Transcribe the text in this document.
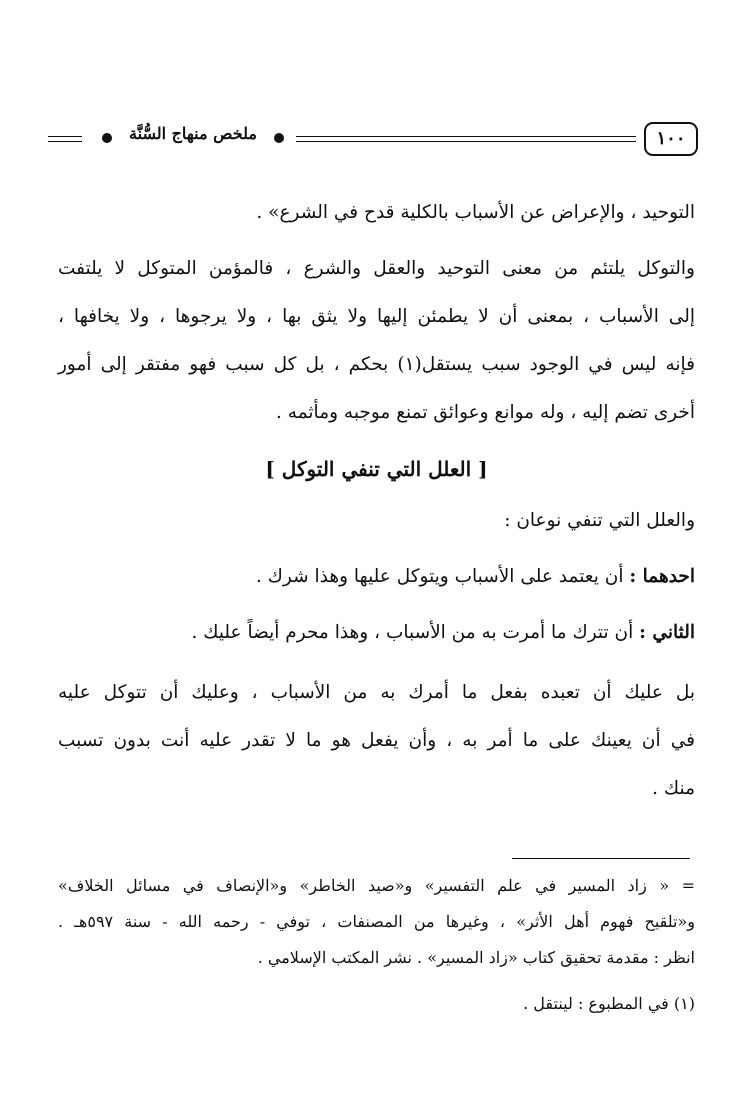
ملخص منهاج السُّنَّة	١٠٠
التوحيد ، والإعراض عن الأسباب بالكلية قدح في الشرع» .
والتوكل يلتئم من معنى التوحيد والعقل والشرع ، فالمؤمن المتوكل لا يلتفت
إلى الأسباب ، بمعنى أن لا يطمئن إليها ولا يثق بها ، ولا يرجوها ، ولا يخافها ،
فإنه ليس في الوجود سبب يستقل(١) بحكم ، بل كل سبب فهو مفتقر إلى أمور
أخرى تضم إليه ، وله موانع وعوائق تمنع موجبه ومأثمه .
[ العلل التي تنفي التوكل ]
والعلل التي تنفي نوعان :
احدهما : أن يعتمد على الأسباب ويتوكل عليها وهذا شرك .
الثاني : أن تترك ما أمرت به من الأسباب ، وهذا محرم أيضاً عليك .
بل عليك أن تعبده بفعل ما أمرك به من الأسباب ، وعليك أن تتوكل عليه
في أن يعينك على ما أمر به ، وأن يفعل هو ما لا تقدر عليه أنت بدون تسبب
منك .
= « زاد المسير في علم التفسير» و«صيد الخاطر» و«الإنصاف في مسائل الخلاف»
و«تلقيح فهوم أهل الأثر» ، وغيرها من المصنفات ، توفي - رحمه الله - سنة ٥٩٧هـ .
انظر : مقدمة تحقيق كتاب «زاد المسير» . نشر المكتب الإسلامي .
(١) في المطبوع : لينتقل .
